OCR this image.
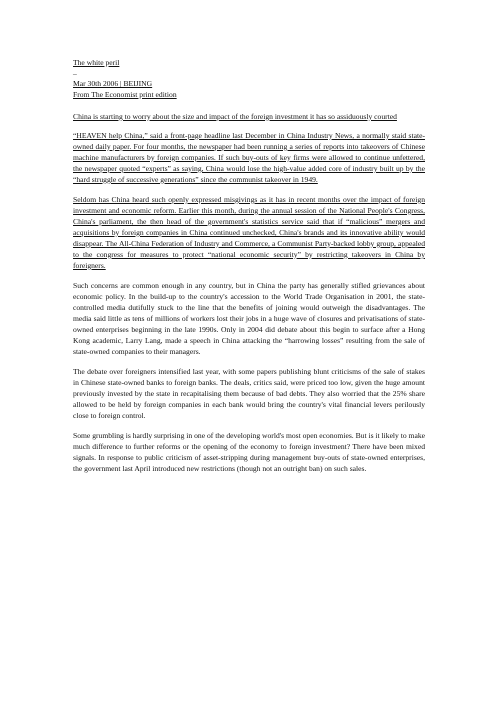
The white peril
–
Mar 30th 2006 | BEIJING
From The Economist print edition

China is starting to worry about the size and impact of the foreign investment it has so assiduously courted

“HEAVEN help China,” said a front-page headline last December in China Industry News, a normally staid state-owned daily paper. For four months, the newspaper had been running a series of reports into takeovers of Chinese machine manufacturers by foreign companies. If such buy-outs of key firms were allowed to continue unfettered, the newspaper quoted “experts” as saying, China would lose the high-value added core of industry built up by the “hard struggle of successive generations” since the communist takeover in 1949.

Seldom has China heard such openly expressed misgivings as it has in recent months over the impact of foreign investment and economic reform. Earlier this month, during the annual session of the National People's Congress, China's parliament, the then head of the government's statistics service said that if “malicious” mergers and acquisitions by foreign companies in China continued unchecked, China's brands and its innovative ability would disappear. The All-China Federation of Industry and Commerce, a Communist Party-backed lobby group, appealed to the congress for measures to protect “national economic security” by restricting takeovers in China by foreigners.

Such concerns are common enough in any country, but in China the party has generally stifled grievances about economic policy. In the build-up to the country's accession to the World Trade Organisation in 2001, the state-controlled media dutifully stuck to the line that the benefits of joining would outweigh the disadvantages. The media said little as tens of millions of workers lost their jobs in a huge wave of closures and privatisations of state-owned enterprises beginning in the late 1990s. Only in 2004 did debate about this begin to surface after a Hong Kong academic, Larry Lang, made a speech in China attacking the “harrowing losses” resulting from the sale of state-owned companies to their managers.

The debate over foreigners intensified last year, with some papers publishing blunt criticisms of the sale of stakes in Chinese state-owned banks to foreign banks. The deals, critics said, were priced too low, given the huge amount previously invested by the state in recapitalising them because of bad debts. They also worried that the 25% share allowed to be held by foreign companies in each bank would bring the country's vital financial levers perilously close to foreign control.

Some grumbling is hardly surprising in one of the developing world's most open economies. But is it likely to make much difference to further reforms or the opening of the economy to foreign investment? There have been mixed signals. In response to public criticism of asset-stripping during management buy-outs of state-owned enterprises, the government last April introduced new restrictions (though not an outright ban) on such sales.
